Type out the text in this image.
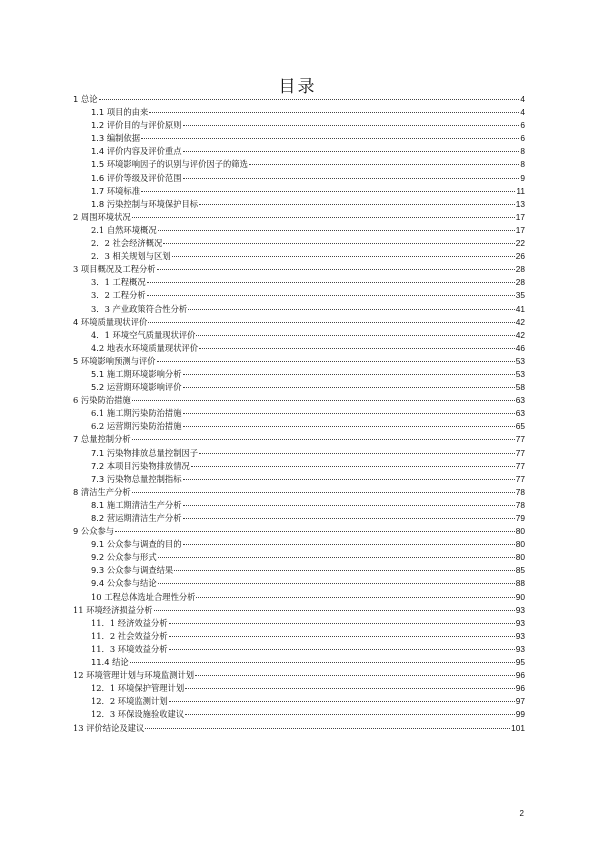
目录
1 总论	4
1.1 项目的由来	4
1.2 评价目的与评价原则	6
1.3 编制依据	6
1.4 评价内容及评价重点	8
1.5 环境影响因子的识别与评价因子的筛选	8
1.6 评价等级及评价范围	9
1.7 环境标准	11
1.8 污染控制与环境保护目标	13
2 周围环境状况	17
2.1 自然环境概况	17
2．2 社会经济概况	22
2．3 相关规划与区划	26
3 项目概况及工程分析	28
3．1 工程概况	28
3．2 工程分析	35
3．3 产业政策符合性分析	41
4 环境质量现状评价	42
4．1 环境空气质量现状评价	42
4.2 地表水环境质量现状评价	46
5 环境影响预测与评价	53
5.1 施工期环境影响分析	53
5.2 运营期环境影响评价	58
6 污染防治措施	63
6.1 施工期污染防治措施	63
6.2 运营期污染防治措施	65
7 总量控制分析	77
7.1 污染物排放总量控制因子	77
7.2 本项目污染物排放情况	77
7.3 污染物总量控制指标	77
8 清洁生产分析	78
8.1 施工期清洁生产分析	78
8.2 营运期清洁生产分析	79
9 公众参与	80
9.1 公众参与调查的目的	80
9.2 公众参与形式	80
9.3 公众参与调查结果	85
9.4 公众参与结论	88
10 工程总体选址合理性分析	90
11 环境经济损益分析	93
11．1 经济效益分析	93
11．2 社会效益分析	93
11．3 环境效益分析	93
11.4 结论	95
12 环境管理计划与环境监测计划	96
12．1 环境保护管理计划	96
12．2 环境监测计划	97
12．3 环保设施验收建议	99
13 评价结论及建议	101
2
